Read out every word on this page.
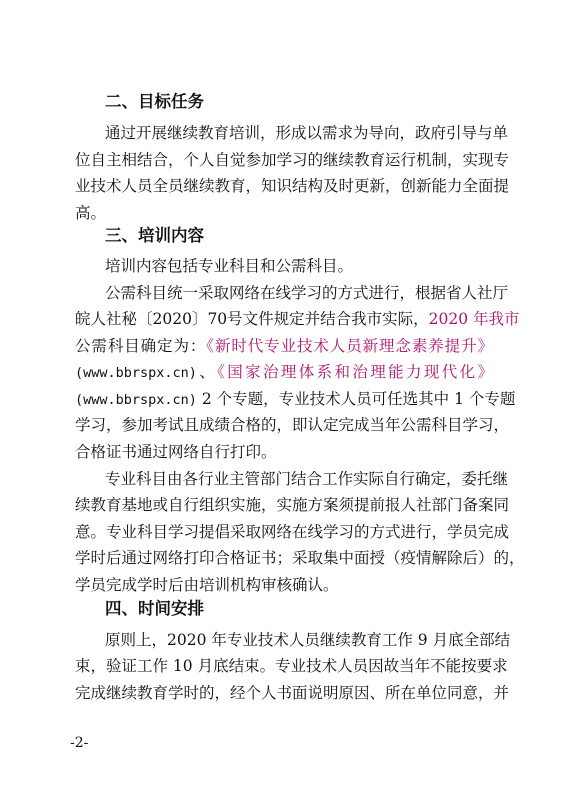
二、目标任务
通过开展继续教育培训，形成以需求为导向，政府引导与单
位自主相结合，个人自觉参加学习的继续教育运行机制，实现专
业技术人员全员继续教育，知识结构及时更新，创新能力全面提
高。
三、培训内容
培训内容包括专业科目和公需科目。
公需科目统一采取网络在线学习的方式进行，根据省人社厅
皖人社秘〔2020〕70号文件规定并结合我市实际，2020 年我市
公需科目确定为：《新时代专业技术人员新理念素养提升》
(www.bbrspx.cn)、《国家治理体系和治理能力现代化》
(www.bbrspx.cn) 2 个专题，专业技术人员可任选其中 1 个专题
学习，参加考试且成绩合格的，即认定完成当年公需科目学习，
合格证书通过网络自行打印。
专业科目由各行业主管部门结合工作实际自行确定，委托继
续教育基地或自行组织实施，实施方案须提前报人社部门备案同
意。专业科目学习提倡采取网络在线学习的方式进行，学员完成
学时后通过网络打印合格证书；采取集中面授（疫情解除后）的，
学员完成学时后由培训机构审核确认。
四、时间安排
原则上，2020 年专业技术人员继续教育工作 9 月底全部结
束，验证工作 10 月底结束。专业技术人员因故当年不能按要求
完成继续教育学时的，经个人书面说明原因、所在单位同意，并
-2-
